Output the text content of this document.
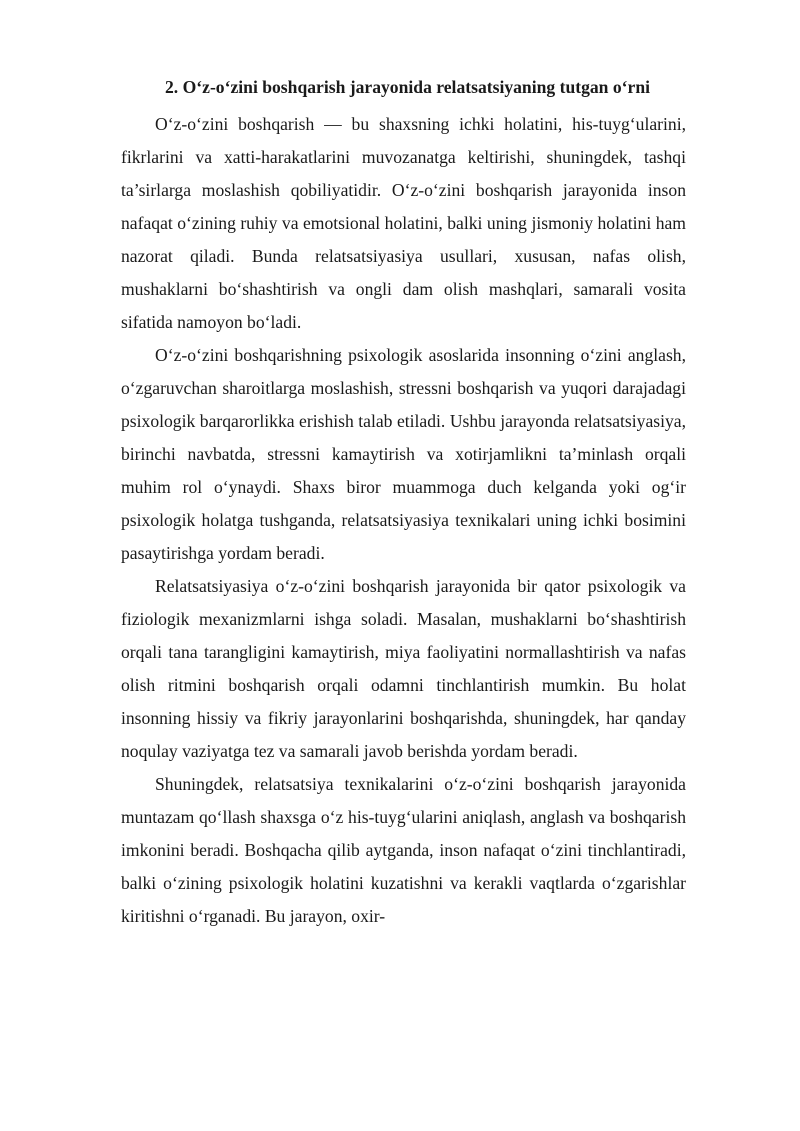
2. O‘z-o‘zini boshqarish jarayonida relatsatsiyaning tutgan o‘rni

O‘z-o‘zini boshqarish — bu shaxsning ichki holatini, his-tuyg‘ularini, fikrlarini va xatti-harakatlarini muvozanatga keltirishi, shuningdek, tashqi ta’sirlarga moslashish qobiliyatidir. O‘z-o‘zini boshqarish jarayonida inson nafaqat o‘zining ruhiy va emotsional holatini, balki uning jismoniy holatini ham nazorat qiladi. Bunda relatsatsiyasiya usullari, xususan, nafas olish, mushaklarni bo‘shashtirish va ongli dam olish mashqlari, samarali vosita sifatida namoyon bo‘ladi.

O‘z-o‘zini boshqarishning psixologik asoslarida insonning o‘zini anglash, o‘zgaruvchan sharoitlarga moslashish, stressni boshqarish va yuqori darajadagi psixologik barqarorlikka erishish talab etiladi. Ushbu jarayonda relatsatsiyasiya, birinchi navbatda, stressni kamaytirish va xotirjamlikni ta’minlash orqali muhim rol o‘ynaydi. Shaxs biror muammoga duch kelganda yoki og‘ir psixologik holatga tushganda, relatsatsiyasiya texnikalari uning ichki bosimini pasaytirishga yordam beradi.

Relatsatsiyasiya o‘z-o‘zini boshqarish jarayonida bir qator psixologik va fiziologik mexanizmlarni ishga soladi. Masalan, mushaklarni bo‘shashtirish orqali tana tarangligini kamaytirish, miya faoliyatini normallashtirish va nafas olish ritmini boshqarish orqali odamni tinchlantirish mumkin. Bu holat insonning hissiy va fikriy jarayonlarini boshqarishda, shuningdek, har qanday noqulay vaziyatga tez va samarali javob berishda yordam beradi.

Shuningdek, relatsatsiya texnikalarini o‘z-o‘zini boshqarish jarayonida muntazam qo‘llash shaxsga o‘z his-tuyg‘ularini aniqlash, anglash va boshqarish imkonini beradi. Boshqacha qilib aytganda, inson nafaqat o‘zini tinchlantiradi, balki o‘zining psixologik holatini kuzatishni va kerakli vaqtlarda o‘zgarishlar kiritishni o‘rganadi. Bu jarayon, oxir-
